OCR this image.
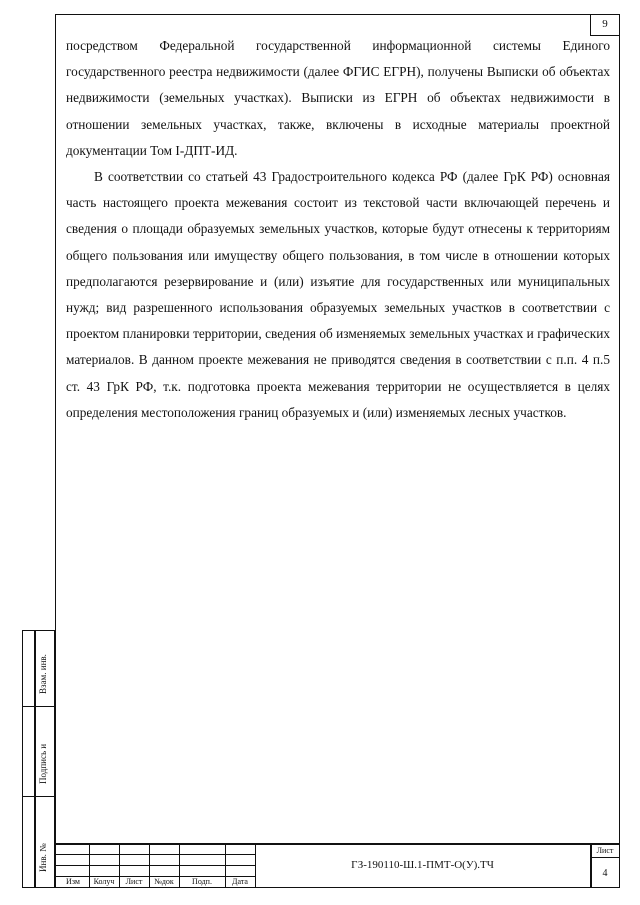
9

посредством Федеральной государственной информационной системы Единого государственного реестра недвижимости (далее ФГИС ЕГРН), получены Выписки об объектах недвижимости (земельных участках). Выписки из ЕГРН об объектах недвижимости в отношении земельных участках, также, включены в исходные материалы проектной документации Том I-ДПТ-ИД.

В соответствии со статьей 43 Градостроительного кодекса РФ (далее ГрК РФ) основная часть настоящего проекта межевания состоит из текстовой части включающей перечень и сведения о площади образуемых земельных участков, которые будут отнесены к территориям общего пользования или имуществу общего пользования, в том числе в отношении которых предполагаются резервирование и (или) изъятие для государственных или муниципальных нужд; вид разрешенного использования образуемых земельных участков в соответствии с проектом планировки территории, сведения об изменяемых земельных участках и графических материалов. В данном проекте межевания не приводятся сведения в соответствии с п.п. 4 п.5 ст. 43 ГрК РФ, т.к. подготовка проекта межевания территории не осуществляется в целях определения местоположения границ образуемых и (или) изменяемых лесных участков.

Взам. инв.
Подпись и
Инв. №
Изм	Колуч	Лист	№док	Подп.	Дата
ГЗ-190110-Ш.1-ПМТ-О(У).ТЧ
Лист
4
